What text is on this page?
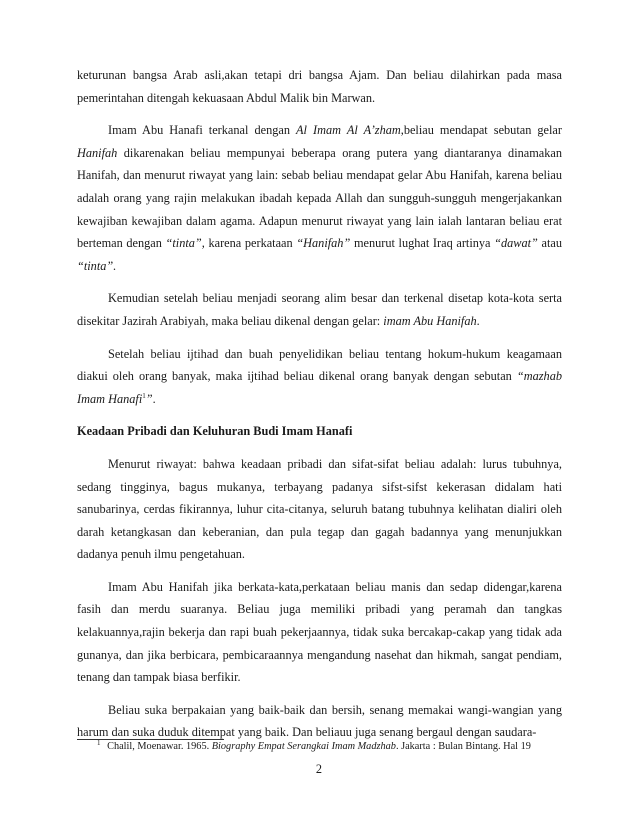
keturunan bangsa Arab asli,akan tetapi dri bangsa Ajam. Dan beliau dilahirkan pada masa pemerintahan ditengah kekuasaan Abdul Malik bin Marwan.
Imam Abu Hanafi terkanal dengan Al Imam Al A’zham,beliau mendapat sebutan gelar Hanifah dikarenakan beliau mempunyai beberapa orang putera yang diantaranya dinamakan Hanifah, dan menurut riwayat yang lain: sebab beliau mendapat gelar Abu Hanifah, karena beliau adalah orang yang rajin melakukan ibadah kepada Allah dan sungguh-sungguh mengerjakankan kewajiban kewajiban dalam agama. Adapun menurut riwayat yang lain ialah lantaran beliau erat berteman dengan “tinta”, karena perkataan “Hanifah” menurut lughat Iraq artinya “dawat” atau “tinta”.
Kemudian setelah beliau menjadi seorang alim besar dan terkenal disetap kota-kota serta disekitar Jazirah Arabiyah, maka beliau dikenal dengan gelar: imam Abu Hanifah.
Setelah beliau ijtihad dan buah penyelidikan beliau tentang hokum-hukum keagamaan diakui oleh orang banyak, maka ijtihad beliau dikenal orang banyak dengan sebutan “mazhab Imam Hanafi$^1$”.
Keadaan Pribadi dan Keluhuran Budi Imam Hanafi
Menurut riwayat: bahwa keadaan pribadi dan sifat-sifat beliau adalah: lurus tubuhnya, sedang tingginya, bagus mukanya, terbayang padanya sifst-sifst kekerasan didalam hati sanubarinya, cerdas fikirannya, luhur cita-citanya, seluruh batang tubuhnya kelihatan dialiri oleh darah ketangkasan dan keberanian, dan pula tegap dan gagah badannya yang menunjukkan dadanya penuh ilmu pengetahuan.
Imam Abu Hanifah jika berkata-kata,perkataan beliau manis dan sedap didengar,karena fasih dan merdu suaranya. Beliau juga memiliki pribadi yang peramah dan tangkas kelakuannya,rajin bekerja dan rapi buah pekerjaannya, tidak suka bercakap-cakap yang tidak ada gunanya, dan jika berbicara, pembicaraannya mengandung nasehat dan hikmah, sangat pendiam, tenang dan tampak biasa berfikir.
Beliau suka berpakaian yang baik-baik dan bersih, senang memakai wangi-wangian yang harum dan suka duduk ditempat yang baik. Dan beliauu juga senang bergaul dengan saudara-
$^1$ Chalil, Moenawar. 1965. Biography Empat Serangkai Imam Madzhab. Jakarta : Bulan Bintang. Hal 19
2
